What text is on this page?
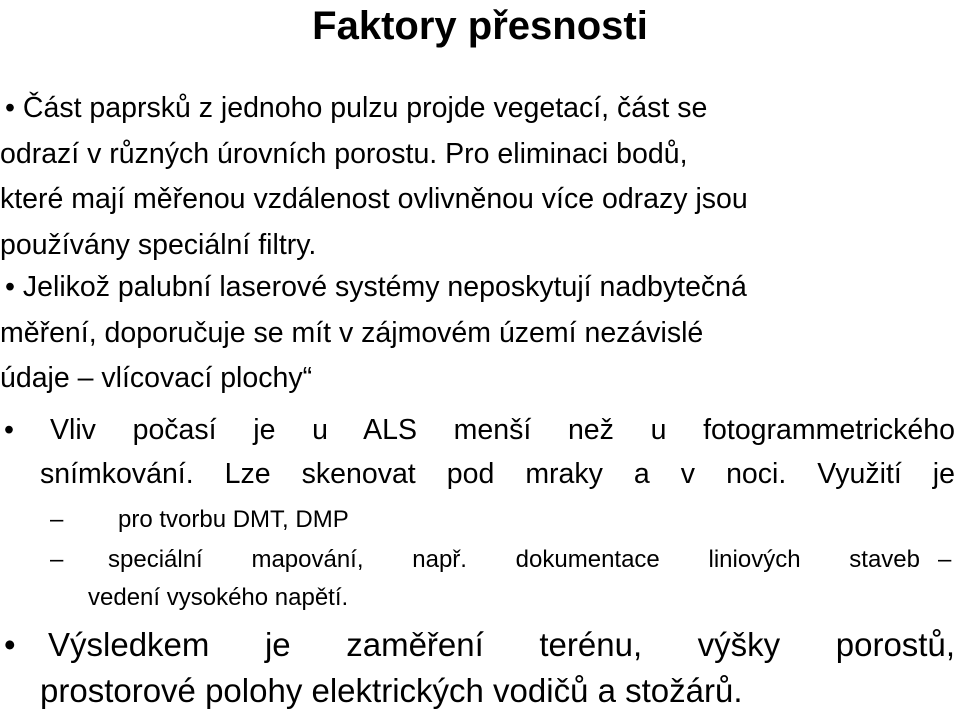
Faktory přesnosti
• Část paprsků z jednoho pulzu projde vegetací, část se
odrazí v různých úrovních porostu. Pro eliminaci bodů,
které mají měřenou vzdálenost ovlivněnou více odrazy jsou
používány speciální filtry.
• Jelikož palubní laserové systémy neposkytují nadbytečná
měření, doporučuje se mít v zájmovém území nezávislé
údaje – vlícovací plochy“
• Vliv počasí je u ALS menší než u fotogrammetrického
snímkování. Lze skenovat pod mraky a v noci. Využití je
– pro tvorbu DMT, DMP
– speciální mapování, např. dokumentace liniových staveb –
vedení vysokého napětí.
• Výsledkem je zaměření terénu, výšky porostů,
prostorové polohy elektrických vodičů a stožárů.
